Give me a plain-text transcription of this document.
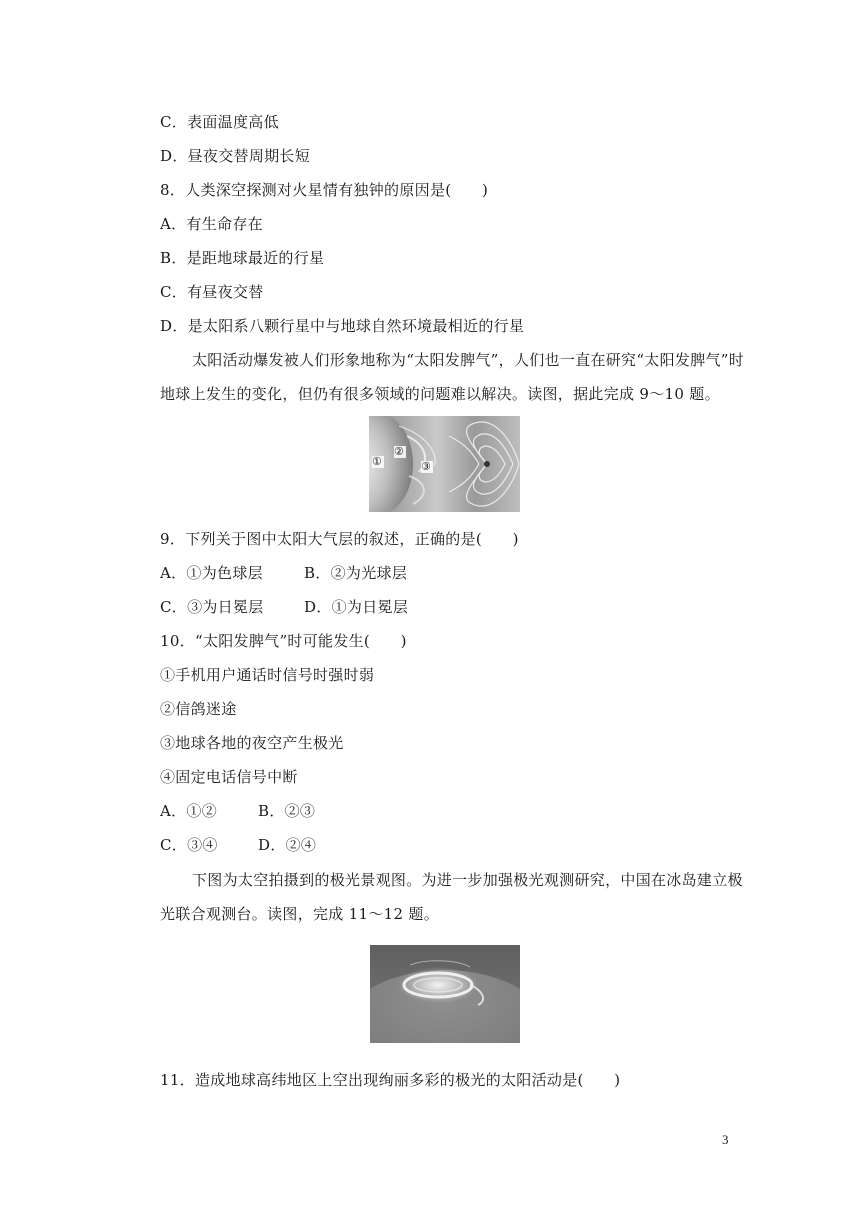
C．表面温度高低
D．昼夜交替周期长短
8．人类深空探测对火星情有独钟的原因是(　　)
A．有生命存在
B．是距地球最近的行星
C．有昼夜交替
D．是太阳系八颗行星中与地球自然环境最相近的行星
太阳活动爆发被人们形象地称为“太阳发脾气”，人们也一直在研究“太阳发脾气”时
地球上发生的变化，但仍有很多领域的问题难以解决。读图，据此完成 9～10 题。
①
②
③
9．下列关于图中太阳大气层的叙述，正确的是(　　)
A．①为色球层	B．②为光球层
C．③为日冕层	D．①为日冕层
10．“太阳发脾气”时可能发生(　　)
①手机用户通话时信号时强时弱
②信鸽迷途
③地球各地的夜空产生极光
④固定电话信号中断
A．①②	B．②③
C．③④	D．②④
下图为太空拍摄到的极光景观图。为进一步加强极光观测研究，中国在冰岛建立极
光联合观测台。读图，完成 11～12 题。
11．造成地球高纬地区上空出现绚丽多彩的极光的太阳活动是(　　)
3
